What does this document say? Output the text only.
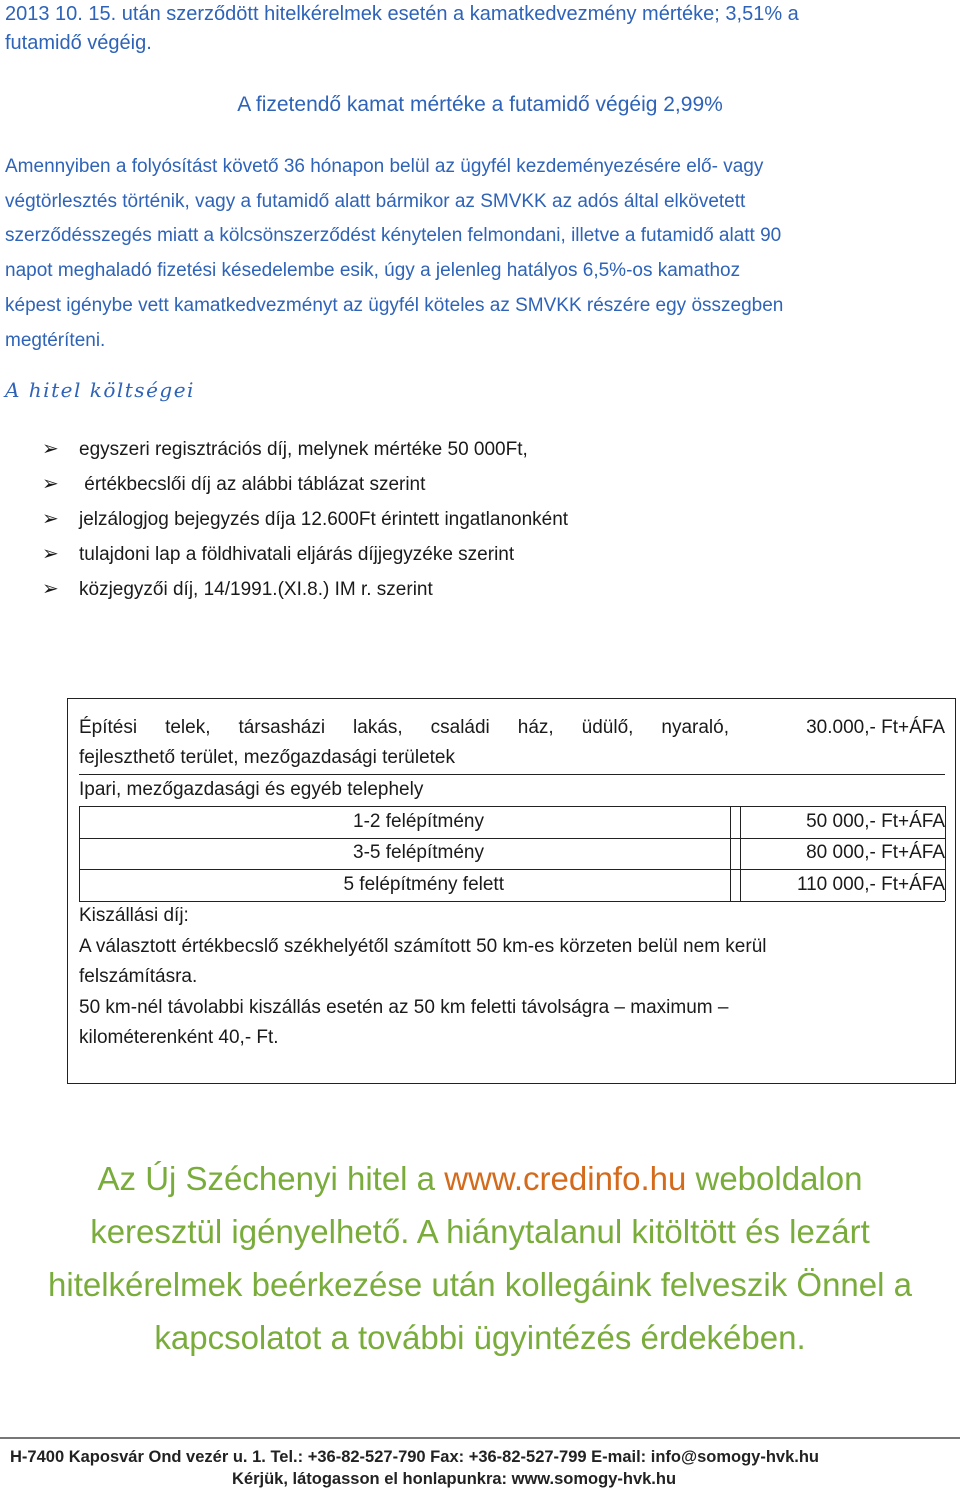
2013 10. 15. után szerződött hitelkérelmek esetén a kamatkedvezmény mértéke; 3,51% a
futamidő végéig.
A fizetendő kamat mértéke a futamidő végéig 2,99%
Amennyiben a folyósítást követő 36 hónapon belül az ügyfél kezdeményezésére elő- vagy
végtörlesztés történik, vagy a futamidő alatt bármikor az SMVKK az adós által elkövetett
szerződésszegés miatt a kölcsönszerződést kénytelen felmondani, illetve a futamidő alatt 90
napot meghaladó fizetési késedelembe esik, úgy a jelenleg hatályos 6,5%-os kamathoz
képest igénybe vett kamatkedvezményt az ügyfél köteles az SMVKK részére egy összegben
megtéríteni.
A hitel költségei
➢ egyszeri regisztrációs díj, melynek mértéke 50 000Ft,
➢ értékbecslői díj az alábbi táblázat szerint
➢ jelzálogjog bejegyzés díja 12.600Ft érintett ingatlanonként
➢ tulajdoni lap a földhivatali eljárás díjjegyzéke szerint
➢ közjegyzői díj, 14/1991.(XI.8.) IM r. szerint
Építési telek, társasházi lakás, családi ház, üdülő, nyaraló,
fejleszthető terület, mezőgazdasági területek
30.000,- Ft+ÁFA
Ipari, mezőgazdasági és egyéb telephely
1-2 felépítmény	50 000,- Ft+ÁFA
3-5 felépítmény	80 000,- Ft+ÁFA
5 felépítmény felett	110 000,- Ft+ÁFA
Kiszállási díj:
A választott értékbecslő székhelyétől számított 50 km-es körzeten belül nem kerül
felszámításra.
50 km-nél távolabbi kiszállás esetén az 50 km feletti távolságra – maximum –
kilométerenként 40,- Ft.
Az Új Széchenyi hitel a www.credinfo.hu weboldalon
keresztül igényelhető. A hiánytalanul kitöltött és lezárt
hitelkérelmek beérkezése után kollegáink felveszik Önnel a
kapcsolatot a további ügyintézés érdekében.
H-7400 Kaposvár Ond vezér u. 1. Tel.: +36-82-527-790 Fax: +36-82-527-799 E-mail: info@somogy-hvk.hu
Kérjük, látogasson el honlapunkra: www.somogy-hvk.hu
